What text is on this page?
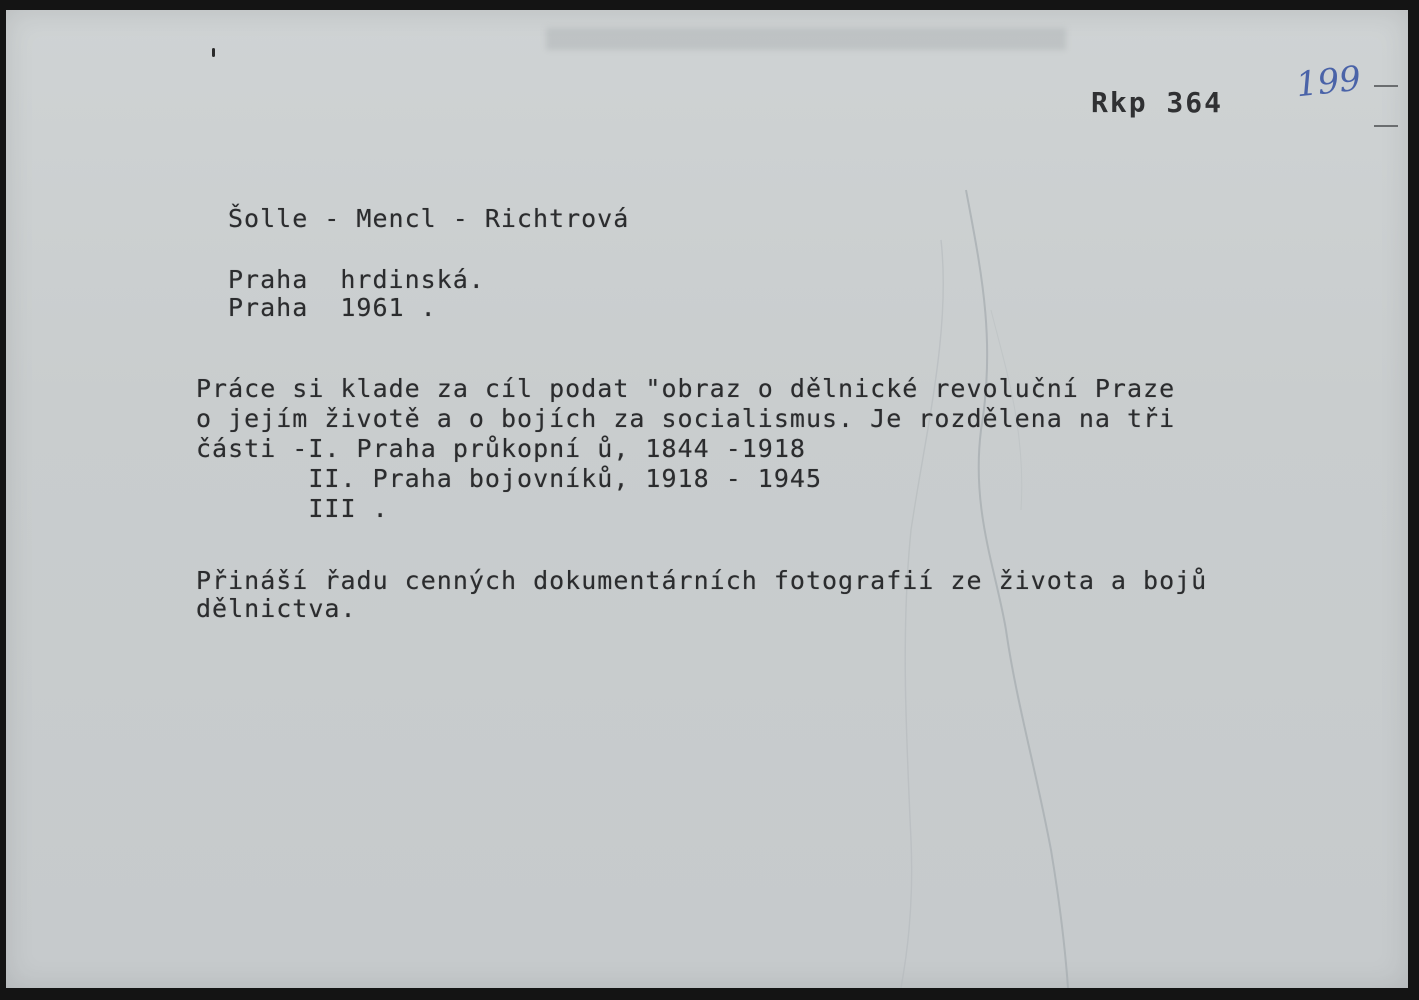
Rkp 364 199
Šolle - Mencl - Richtrová
Praha  hrdinská.
Praha  1961 .
Práce si klade za cíl podat "obraz o dělnické revoluční Praze
o jejím životě a o bojích za socialismus. Je rozdělena na tři
části -I. Praha průkopní ů, 1844 -1918
II. Praha bojovníků, 1918 - 1945
III .
Přináší řadu cenných dokumentárních fotografií ze života a bojů
dělnictva.
